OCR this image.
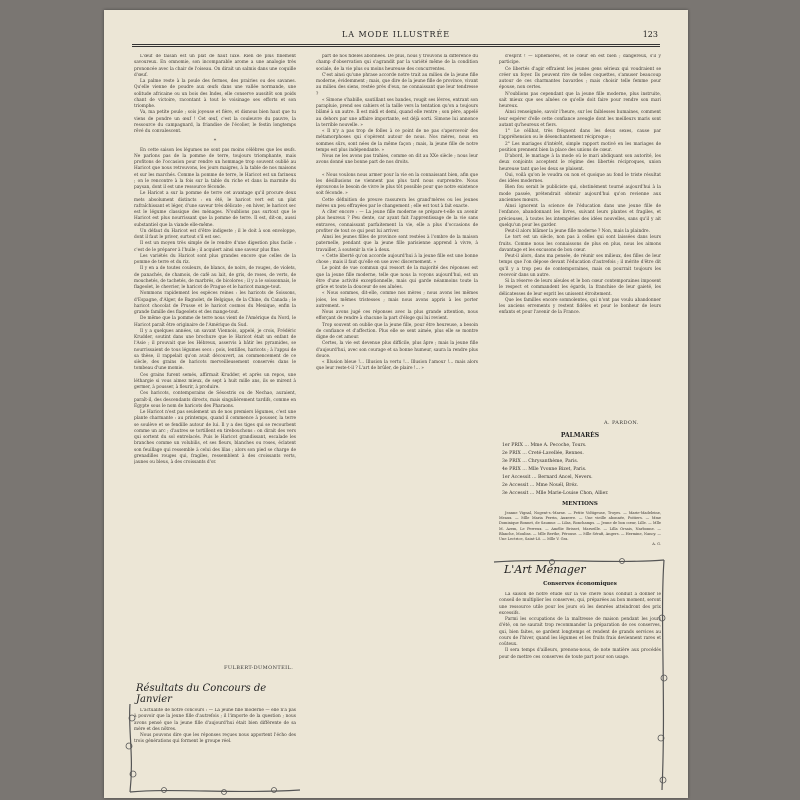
LA MODE ILLUSTRÉE	123

L'œuf de faisan est un plat de haut luxe. Rien de plus finement savoureux. En omnomie, son incomparable arome a une analogie très prononcée avec la chair de l'oiseau. On dirait un salmis dans une coquille d'œuf.

La palme reste à la poule des fermes, des prairies ou des savanes. Qu'elle vienne de poudre aux œufs dans une vallée normande, une solitude africaine ou un bois des Indes, elle conserve aussitôt son poids chant de victoire, racontant à tout le voisinage ses efforts et son triomphe.

Va, ma petite poule ; sois joyeuse et fière, et disnous bien haut que tu viens de pondre un œuf ! Cet œuf, c'est la couleuvre du pauvre, la ressource du campagnard, la friandise de l'écolier, le festin longtemps rêvé du convalescent.

*

En cette saison les légumes ne sont pas moins célèbres que les œufs. Ne parlons pas de la pomme de terre, toujours triomphante, mais profitons de l'occasion pour rendre un hommage trop souvent oublié au Haricot que nous retrouvons, les jours maigres, à la table de nos maisons et sur les marchés. Comme la pomme de terre, le Haricot est un farineux ; on le rencontre à la fois sur la table du riche et dans la marmite du paysan, dont il est une ressource féconde.

Le Haricot a sur la pomme de terre cet avantage qu'il procure deux mets absolument distincts : en été, le haricot vert est un plat rafraîchissant et léger, d'une saveur très délicate ; en hiver, le haricot sec est le légume classique des ménages. N'oublions pas surtout que le Haricot est plus nourrissant que la pomme de terre. Il est, dit-on, aussi substantiel que la viande elle-même.

Un défaut du Haricot est d'être indigeste ; il le doit à son enveloppe, dont il faut le priver, surtout s'il est sec.

Il est un moyen très simple de le rendre d'une digestion plus facile : c'est de le préparer à l'huile ; il acquiert ainsi une saveur plus fine.

Les variétés du Haricot sont plus grandes encore que celles de la pomme de terre et du riz.

Il y en a de toutes couleurs, de blancs, de noirs, de rouges, de violets, de panachés, de chamois, de café au lait, de gris, de roses, de verts, de mouchetés, de tachetés, de marbrés, de bicolores ; il y a le soissonnais, le flageolet, le chevrier, le haricot de Prague et le haricot mange-tout.

Nommons rapidement les espèces reines : les haricots de Soissons, d'Espagne, d'Alger, de Bagnolet, de Belgique, de la Chine, du Canada ; le haricot chocolat de Prusse et le haricot cosmos du Mexique, enfin la grande famille des flageolets et des mange-tout.

De même que la pomme de terre nous vient de l'Amérique du Nord, le Haricot paraît être originaire de l'Amérique du Sud.

Il y a quelques années, un savant Viennois, appelé, je crois, Frédéric Krudder, soutint dans une brochure que le Haricot était un enfant de l'Asie ; il prouvait que les Hébreux, asservis à bâtir les pyramides, se nourrissaient de tous légumes secs : pois, lentilles, haricots ; à l'appui de sa thèse, il rappelait qu'on avait découvert, au commencement de ce siècle, des grains de haricots merveilleusement conservés dans le tombeau d'une momie.

Ces grains furent semés, affirmait Krudder, et après un repos, une léthargie si vous aimez mieux, de sept à huit mille ans, ils se mirent à germer, à pousser, à fleurir, à produire.

Ces haricots, contemporains de Sésostris ou de Nechao, auraient, paraît-il, des descendants directs, mais singulièrement tardifs, comme en Égypte sous le nom de haricots des Pharaons.

Le Haricot n'est pas seulement un de nos premiers légumes, c'est une plante charmante : au printemps, quand il commence à pousser, la terre se soulève et se fendille autour de lui. Il y a des tiges qui se recourbent comme un arc ; d'autres se tortillent en tirebouchons : on dirait des vers qui sortent du sol entrelacés. Puis le Haricot grandissant, escalade les branches comme un volubilis, et ses fleurs, blanches ou roses, éclatent son feuillage qui ressemble à celui des lilas ; alors son pied se charge de grenadilles rouges qui, fragiles, ressemblent à des croissants verts, jaunes ou bleus, à des croissants d'or.

FULBERT-DUMONTEIL.
Résultats du Concours de Janvier

L'actualité de notre concours : — La jeune fille moderne — elle n'a pas à pouvoir que la jeune fille d'autrefois ; il l'importe de la question ; nous avons pensé que la jeune fille d'aujourd'hui était bien différente de sa mère et des nôtres.

Nous pouvons dire que les réponses reçues nous apportent l'écho des trois générations qui forment le groupe réel.

part de nos fidèles abonnées. De plus, nous y trouvons la différence du champ d'observation qui s'agrandit par la variété même de la condition sociale, de la vie plus ou moins heureuse des concurrentes.

C'est ainsi qu'une phrase accorde notre trait au milieu de la jeune fille moderne, évidemment ; mais, que dire de la jeune fille de province, vivant au milieu des siens, restée près d'eux, ne connaissant que leur tendresse ?

« Simone s'habille, sautillant ses bandes, rougit ses lèvres, entrant son parapluie, prend ses cahiers et la taille vers la tentation qu'on a toujours blâmé à un autre. Il est midi et demi, quand elle rentre ; son père, appelé au dehors par une affaire importante, est déjà sorti. Simone lui annonce la terrible nouvelle. »

« Il n'y a pas trop de folles à ce point de ne pas s'apercevoir des métamorphoses qui s'opèrent autour de nous. Nos mères, nous en sommes sûrs, sont nées de la même façon ; mais, la jeune fille de notre temps est plus indépendante. »

Nous ne les avons pas trahies, comme on dit au XXe siècle ; nous leur avons donné une bonne part de nos droits.

« Nous voulons nous armer pour la vie en la connaissant bien, afin que les désillusions ne viennent pas plus tard nous surprendre. Nous éprouvons le besoin de vivre le plus tôt possible pour que notre existence soit féconde. »

Cette définition de preuve rassurera les grand'mères ou les jeunes mères un peu effrayées par le changement ; elle est tout à fait exacte.

A cîter encore : — La jeune fille moderne se prépare-t-elle un avenir plus heureux ? Peu dente, car ayant fait l'apprentissage de la vie sans entraves, connaissant parfaitement la vie, elle a plus d'occasions de profiter de tout ce qui peut lui arriver.

Ainsi les jeunes filles de province sont restées à l'ombre de la maison paternelle, pendant que la jeune fille parisienne apprend à vivre, à travailler, à soutenir la vie à deux.

« Cette liberté qu'on accorde aujourd'hui à la jeune fille est une bonne chose ; mais il faut qu'elle en use avec discernement. »

Le point de vue commun qui ressort de la majorité des réponses est que la jeune fille moderne, telle que nous la voyons aujourd'hui, est un être d'une activité exceptionnelle, mais qui garde néanmoins toute la grâce et toute la douceur de ses aînées.

« Nous sommes, dit-elle, comme nos mères ; nous avons les mêmes joies, les mêmes tristesses ; mais nous avons appris à les porter autrement. »

Nous avons jugé ces réponses avec la plus grande attention, nous efforçant de rendre à chacune la part d'éloge qui lui revient.

Trop souvent on oublie que la jeune fille, pour être heureuse, a besoin de confiance et d'affection. Plus elle se sent aimée, plus elle se montre digne de cet amour.

Certes, la vie est devenue plus difficile, plus âpre ; mais la jeune fille d'aujourd'hui, avec son courage et sa bonne humeur, saura la rendre plus douce.

« Illusion bleue !… Illusion la vertu !… Illusion l'amour !… mais alors que leur reste-t-il ? L'art de brûler, de plaire !… »

d'esprit ! — Éphémères, et le cœur en est bien ; dangereux, s'il y participe.

Ce libertés d'agir effraient les jeunes gens sérieux qui voudraient se créer un foyer. Ils peuvent rire de telles coquettes, s'amuser beaucoup autour de ces charmantes bavardes ; mais choisir telle femme pour épouse, non certes.

N'oublions pas cependant que la jeune fille moderne, plus instruite, sait mieux que ses aînées ce qu'elle doit faire pour rendre son mari heureux.

Ainsi renseignée, savoir l'heure, sur les faiblesses humaines, comment leur espérer d'elle cette confiance aveugle dont les meilleurs maris sont autant qu'heureux et fiers.

1° Le célibat, très fréquent dans les deux sexes, cause par l'appréhension ou le désenchantement réciproque ;

2° Les mariages d'intérêt, simple rapport motivé en les mariages de position prennent bien la place des unions de cœur.

D'abord, le mariage à la mode où le mari abdiquant son autorité, les deux conjoints acceptent le régime des libertés réciproques, union heureuse tant que les deux se plaisent.

Oui, voilà qu'on le voudra ou non et quoique au fond le triste résultat des idées modernes.

Bien fou serait le publiciste qui, obstinément tourné aujourd'hui à la mode passée, prétendrait obtenir aujourd'hui qu'on revienne aux anciennes mœurs.

Ainsi ignorent la science de l'éducation dans une jeune fille de l'enfance, abandonnant les livres, suivant leurs plantes et fragiles, et précieuses, à toutes les intempéries des idées nouvelles, sans qu'il y ait quelqu'un pour les garder.

Peut-il alors blâmer la jeune fille moderne ? Non, mais la plaindre.

Le tort est un siècle, non pas à celles qui sont laissées dans leurs fruits. Comme nous les connaissons de plus en plus, nous les aimons davantage et les excusons de bon cœur.

Peut-il alors, dans ma pensée, de réunir ses milieux, des filles de leur temps que l'on dépose devant l'éducation d'autrefois ; il mérite d'être dit qu'il y a trop peu de contemporaines, mais on pourrait toujours les recevoir dans un autre.

Si la réserve de leurs aïeules et le bon cœur contemporaines imposent le respect et commandent les égards, la franchise de leur gaieté, les délicatesses de leur esprit les unissent étroitement.

Que les familles encore somnolentes, qui n'ont pas voulu abandonner les anciens errements y restent fidèles et pour le bonheur de leurs enfants et pour l'avenir de la France.

A. PARDON.
PALMARÈS
1er PRIX … Mme A. Pecoche, Tours.
2e PRIX … Creté-Lavellée, Rennes.
3e PRIX … Chrysanthème, Paris.
4e PRIX … Mlle Yvonne Bizet, Paris.
1er Accessit … Bernard Ancel, Nevers.
2e Accessit … Mme Nouél, Bréz.
3e Accessit … Mlle Marie-Louise Chon, Allier.
MENTIONS

Jeanne Vignal, Nogent-s.-Marne. — Petite Voltigeuse, Troyes. — Marie-Madeleine, Meaux. — Mlle Maria Perrin, Auxerre. — Une vieille abonnée, Poitiers. — Mme Dominique Bonnet, de Saumur. — Lilas, Ronchamps. — Jeune de bon cœur, Lille. — Mlle M. Azem, Le Perreux. — Amélie Brisset, Marseille. — Lilla Orsais, Narbonne. — Blanche, Moulins. — Mlle Berthe, Pérouse. — Mlle Sérafi, Angers. — Hermine, Nancy. — Une Lectrice, Saint-Lô. — Mlle V. Gra.

A. G.

L'Art Ménager
Conserves économiques

La saison de notre étude sur la vie chère nous conduit à donner le conseil de multiplier les conserves, qui, préparées au bon moment, seront une ressource utile pour les jours où les denrées atteindront des prix excessifs.

Parmi les occupations de la maîtresse de maison pendant les jours d'été, on ne saurait trop recommander la préparation de ces conserves, qui, bien faites, se gardent longtemps et rendent de grands services au cours de l'hiver, quand les légumes et les fruits frais deviennent rares et coûteux.

Il sera temps d'ailleurs, prenons-nous, de note matière aux procédés pour de mettre ces conserves de toute part pour son usage.
